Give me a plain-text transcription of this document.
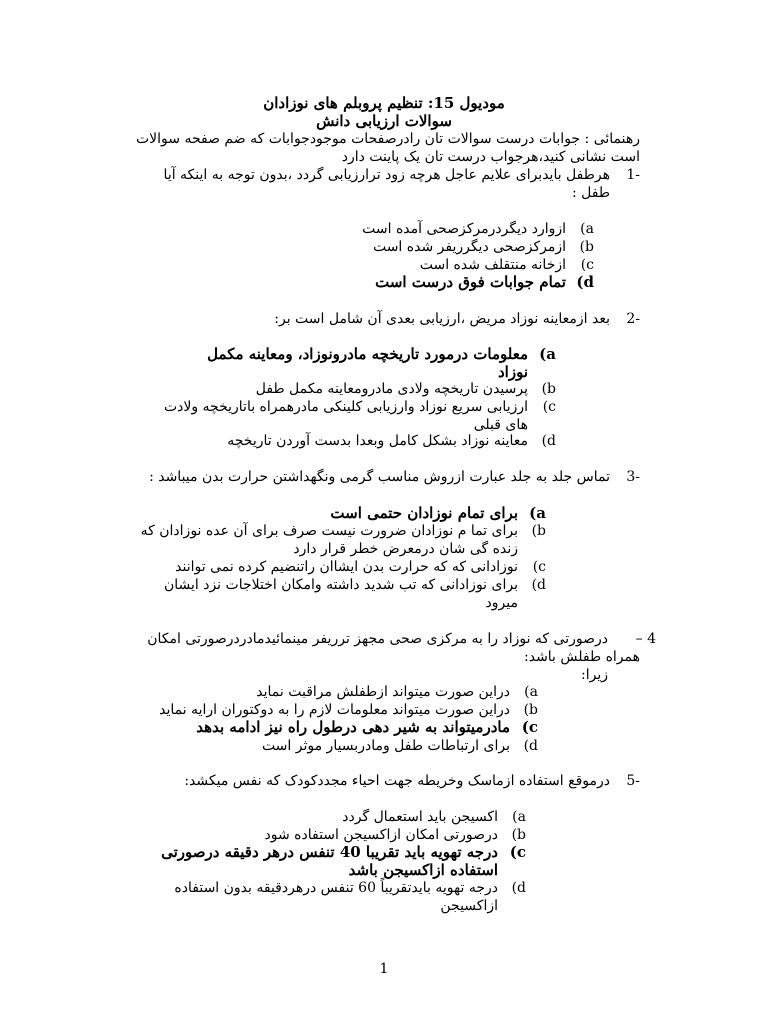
موديول 15: تنظيم پروبلم های نوزادان
سوالات ارزيابی دانش
رهنمائی : جوابات درست سوالات تان رادرصفحات موجودجوابات كه ضم صفحه سوالات
است نشانی كنيد،هرجواب درست تان يک پاينت دارد
-1
هرطفل بايدبرای علايم عاجل هرچه زود ترارزيابی گردد ،بدون توجه به اينكه آيا
طفل :
a)
ازوارد ديگردرمركزصحی آمده است
b)
ازمركزصحی ديگرريفر شده است
c)
ازخانه منتقلف شده است
d)
تمام جوابات فوق درست است
-2
بعد ازمعاينه نوزاد مريض ،ارزيابی بعدی آن شامل است بر:
a)
معلومات درمورد تاريخچه مادرونوزاد، ومعاينه مكمل
نوزاد
b)
پرسيدن تاريخچه ولادی مادرومعاينه مكمل طفل
c)
ارزيابی سريع نوزاد وارزيابی كلينكی مادرهمراه باتاريخچه ولادت
های قبلی
d)
معاينه نوزاد بشكل كامل وبعدا بدست آوردن تاريخچه
-3
تماس جلد به جلد عبارت ازروش مناسب گرمی ونگهداشتن حرارت بدن ميباشد :
a)
برای تمام نوزادان حتمی است
b)
برای تما م نوزادان ضرورت نيست صرف برای آن عده نوزادان كه
زنده گی شان درمعرض خطر قرار دارد
c)
نوزادانی كه كه حرارت بدن ايشاان راتنضيم كرده نمی توانند
d)
برای نوزادانی كه تب شديد داشته وامكان اختلاجات نزد ايشان
ميرود
4 –
درصورتی كه نوزاد را به مركزی صحی مجهز ترريفر مينمائيدمادردرصورتی امكان
همراه طفلش باشد:
زيرا:
a)
دراين صورت ميتواند ازطفلش مراقبت نمايد
b)
دراين صورت ميتواند معلومات لازم را به دوكتوران ارايه نمايد
c)
مادرميتواند به شير دهی درطول راه نيز ادامه بدهد
d)
برای ارتباطات طفل ومادربسيار موثر است
-5
درموقع استفاده ازماسک وخريطه جهت احياء مجددكودک كه نفس ميكشد:
a)
اكسيجن بايد استعمال گردد
b)
درصورتی امكان ازاكسيجن استفاده شود
c)
درجه تهويه بايد تقريبا 40 تنفس درهر دقيقه درصورتی
استفاده ازاكسيجن باشد
d)
درجه تهويه بايدتقريباً 60 تنفس درهردقيقه بدون استفاده
ازاكسيجن
1
